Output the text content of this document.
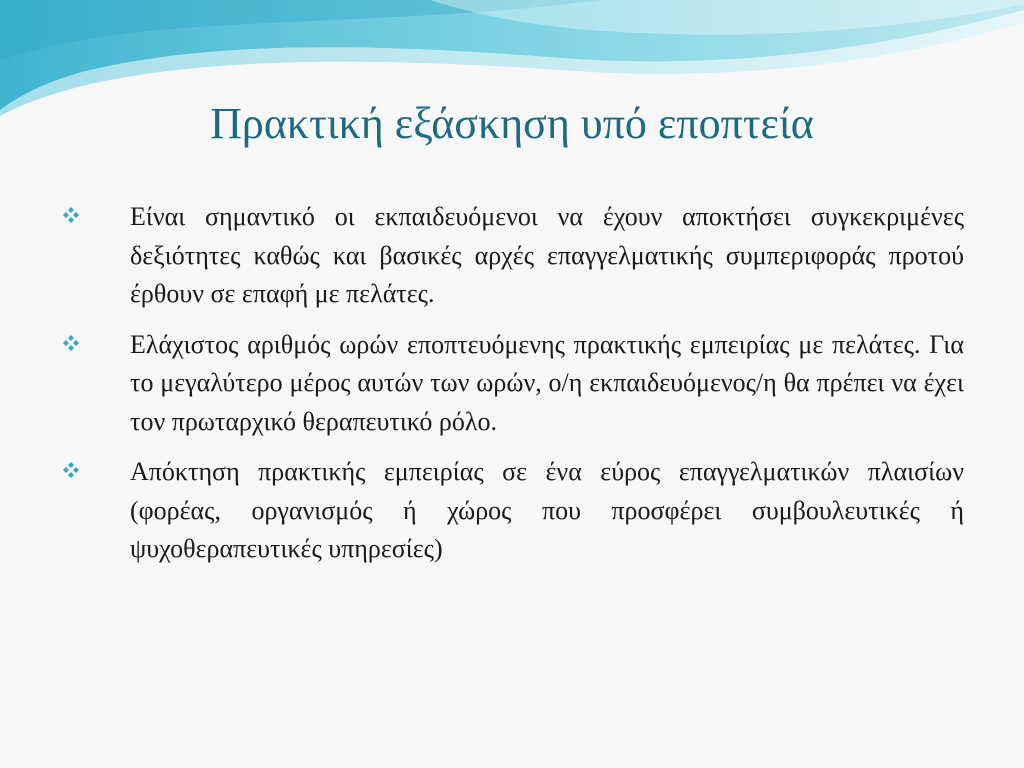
Πρακτική εξάσκηση υπό εποπτεία

Είναι σημαντικό οι εκπαιδευόμενοι να έχουν αποκτήσει συγκεκριμένες δεξιότητες καθώς και βασικές αρχές επαγγελματικής συμπεριφοράς προτού έρθουν σε επαφή με πελάτες.

Ελάχιστος αριθμός ωρών εποπτευόμενης πρακτικής εμπειρίας με πελάτες. Για το μεγαλύτερο μέρος αυτών των ωρών, ο/η εκπαιδευόμενος/η θα πρέπει να έχει τον πρωταρχικό θεραπευτικό ρόλο.

Απόκτηση πρακτικής εμπειρίας σε ένα εύρος επαγγελματικών πλαισίων (φορέας, οργανισμός ή χώρος που προσφέρει συμβουλευτικές ή ψυχοθεραπευτικές υπηρεσίες)
